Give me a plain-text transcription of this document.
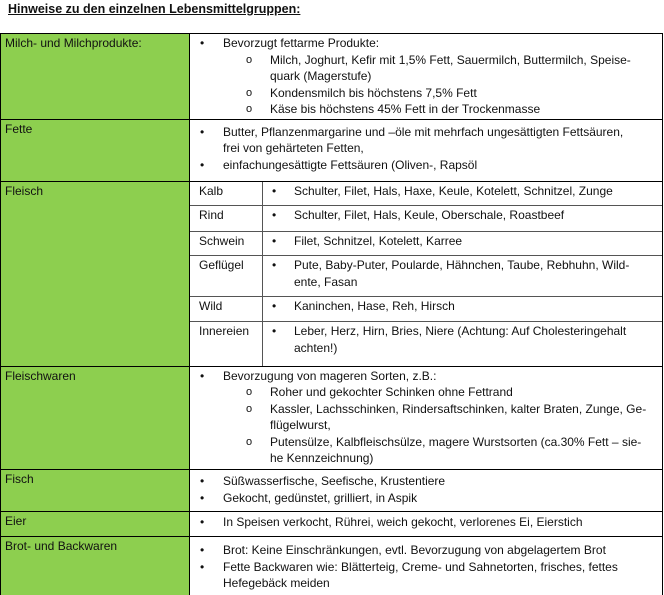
Hinweise zu den einzelnen Lebensmittelgruppen:
Milch- und Milchprodukte:	• Bevorzugt fettarme Produkte:
o Milch, Joghurt, Kefir mit 1,5% Fett, Sauermilch, Buttermilch, Speise-
quark (Magerstufe)
o Kondensmilch bis höchstens 7,5% Fett
o Käse bis höchstens 45% Fett in der Trockenmasse
Fette	• Butter, Pflanzenmargarine und –öle mit mehrfach ungesättigten Fettsäuren,
frei von gehärteten Fetten,
• einfachungesättigte Fettsäuren (Oliven-, Rapsöl
Fleisch	Kalb	• Schulter, Filet, Hals, Haxe, Keule, Kotelett, Schnitzel, Zunge
Rind	• Schulter, Filet, Hals, Keule, Oberschale, Roastbeef
Schwein • Filet, Schnitzel, Kotelett, Karree
Geflügel • Pute, Baby-Puter, Poularde, Hähnchen, Taube, Rebhuhn, Wild-
ente, Fasan
Wild	• Kaninchen, Hase, Reh, Hirsch
Innereien • Leber, Herz, Hirn, Bries, Niere (Achtung: Auf Cholesteringehalt
achten!)
Fleischwaren	• Bevorzugung von mageren Sorten, z.B.:
o Roher und gekochter Schinken ohne Fettrand
o Kassler, Lachsschinken, Rindersaftschinken, kalter Braten, Zunge, Ge-
flügelwurst,
o Putensülze, Kalbfleischsülze, magere Wurstsorten (ca.30% Fett – sie-
he Kennzeichnung)
Fisch	• Süßwasserfische, Seefische, Krustentiere
• Gekocht, gedünstet, grilliert, in Aspik
Eier	• In Speisen verkocht, Rührei, weich gekocht, verlorenes Ei, Eierstich
Brot- und Backwaren	• Brot: Keine Einschränkungen, evtl. Bevorzugung von abgelagertem Brot
• Fette Backwaren wie: Blätterteig, Creme- und Sahnetorten, frisches, fettes
Hefegebäck meiden
